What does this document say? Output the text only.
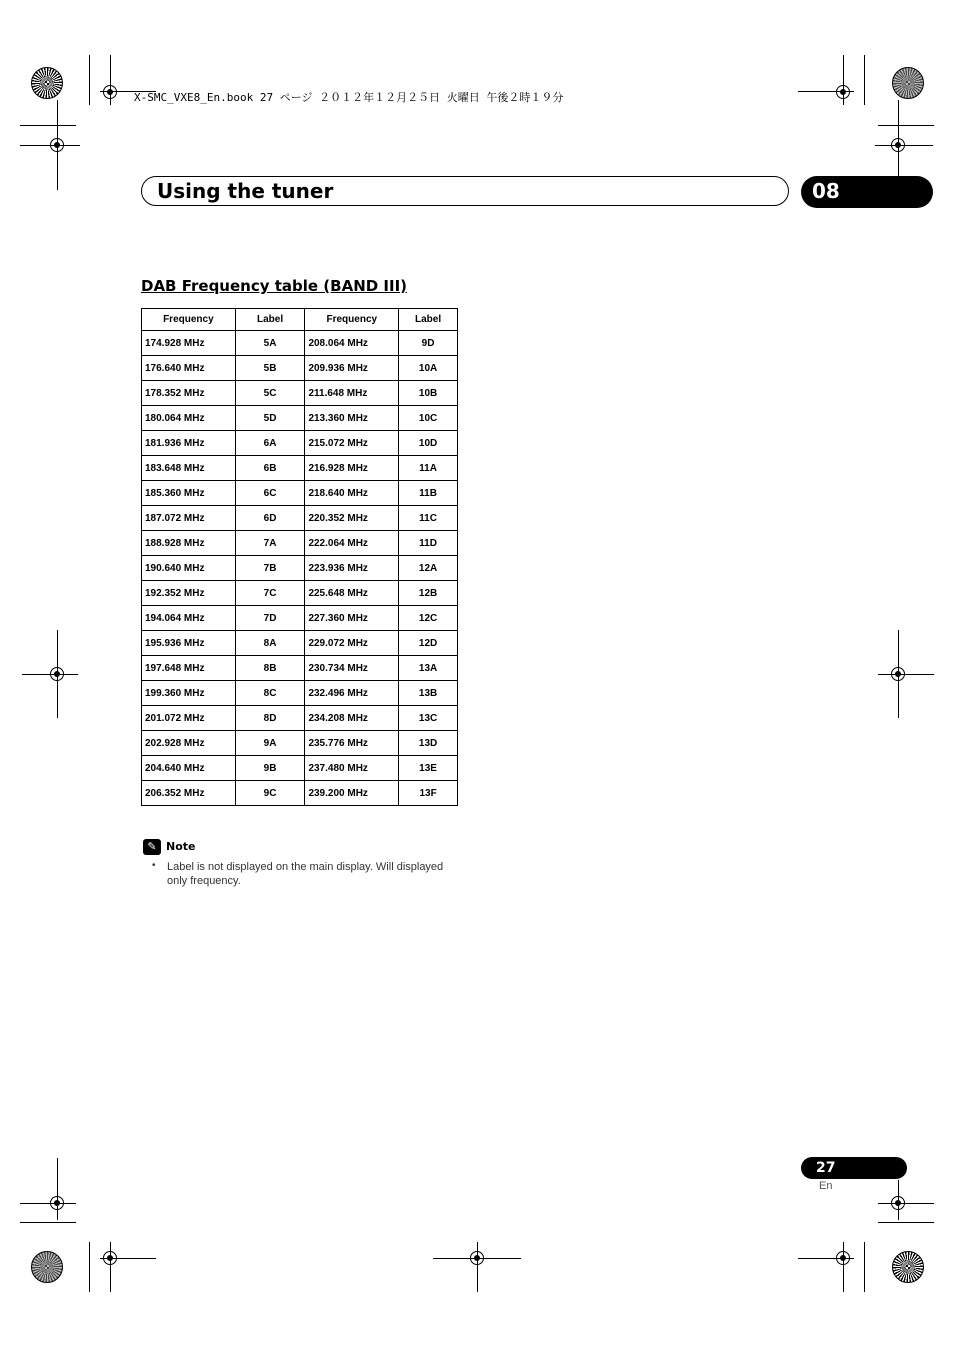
X-SMC_VXE8_En.book 27 ページ ２０１２年１２月２５日 火曜日 午後２時１９分
Using the tuner	08
DAB Frequency table (BAND III)
Frequency	Label	Frequency	Label
174.928 MHz	5A	208.064 MHz	9D
176.640 MHz	5B	209.936 MHz	10A
178.352 MHz	5C	211.648 MHz	10B
180.064 MHz	5D	213.360 MHz	10C
181.936 MHz	6A	215.072 MHz	10D
183.648 MHz	6B	216.928 MHz	11A
185.360 MHz	6C	218.640 MHz	11B
187.072 MHz	6D	220.352 MHz	11C
188.928 MHz	7A	222.064 MHz	11D
190.640 MHz	7B	223.936 MHz	12A
192.352 MHz	7C	225.648 MHz	12B
194.064 MHz	7D	227.360 MHz	12C
195.936 MHz	8A	229.072 MHz	12D
197.648 MHz	8B	230.734 MHz	13A
199.360 MHz	8C	232.496 MHz	13B
201.072 MHz	8D	234.208 MHz	13C
202.928 MHz	9A	235.776 MHz	13D
204.640 MHz	9B	237.480 MHz	13E
206.352 MHz	9C	239.200 MHz	13F
✎ Note
• Label is not displayed on the main display. Will displayed only frequency.
27
En
